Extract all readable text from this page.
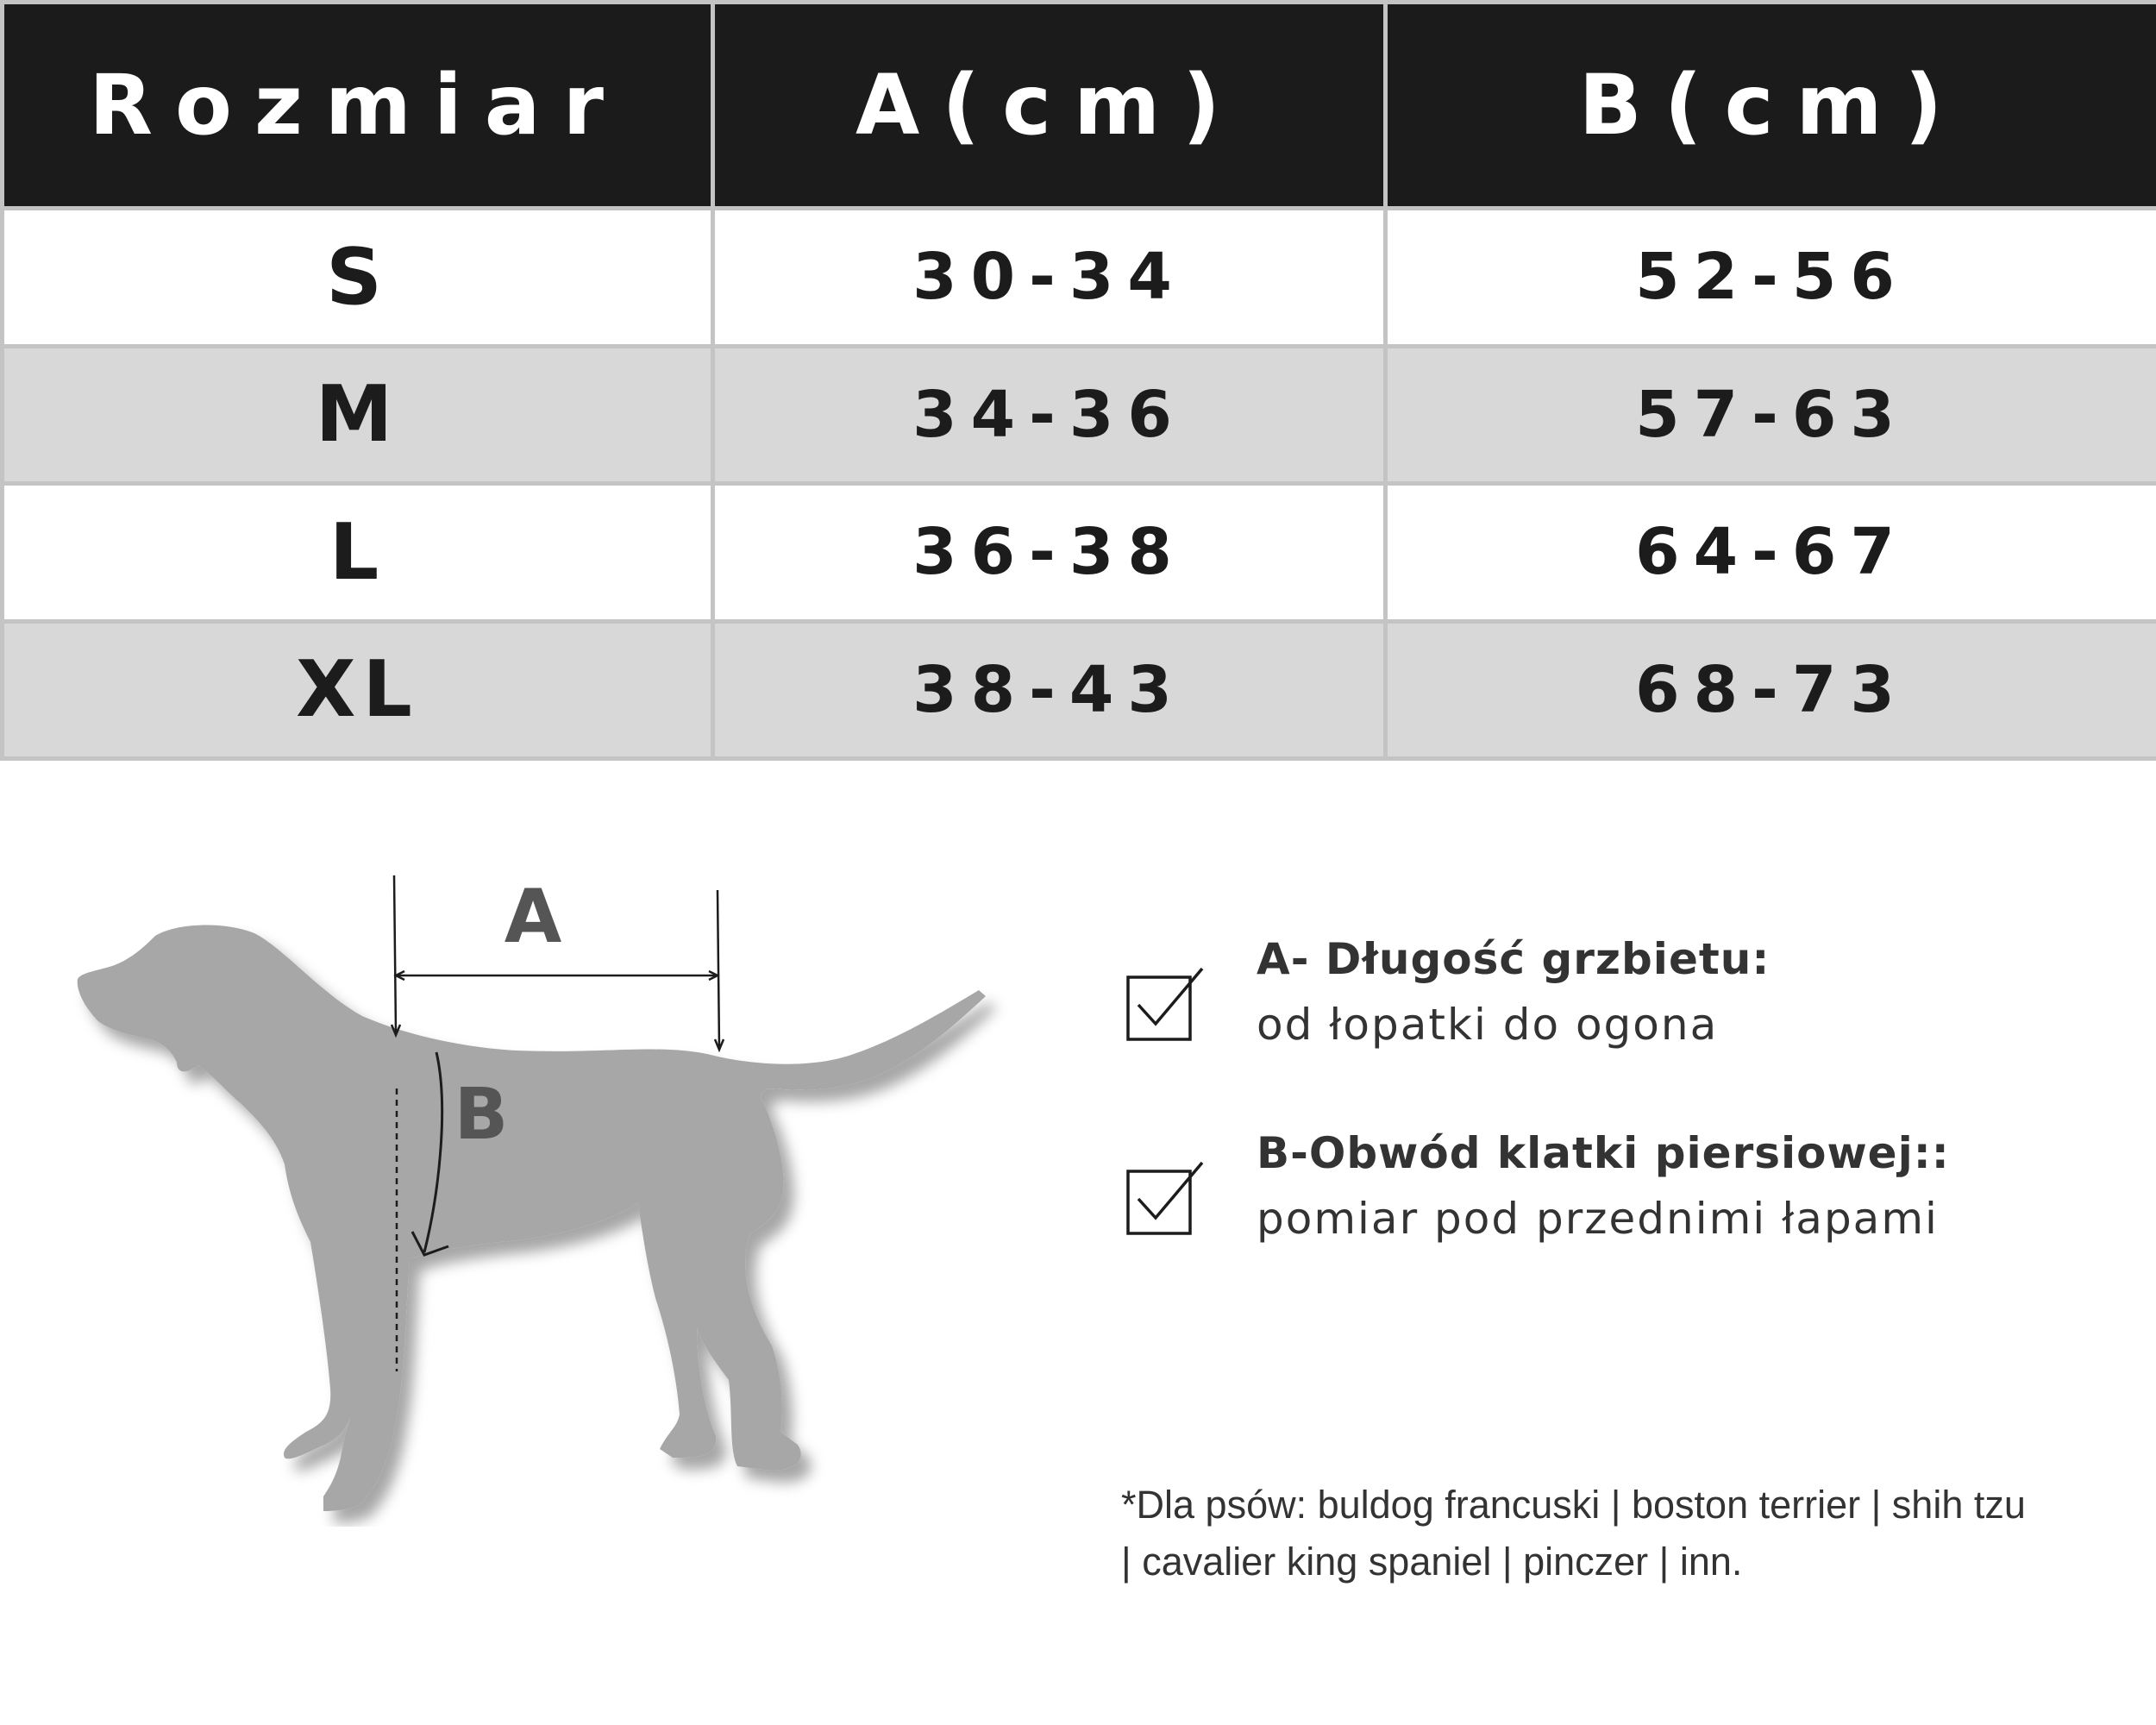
Rozmiar	A(cm)	B(cm)
S	30-34	52-56
M	34-36	57-63
L	36-38	64-67
XL	38-43	68-73
A
B
A- Długość grzbietu:
od łopatki do ogona
B-Obwód klatki piersiowej::
pomiar pod przednimi łapami
*Dla psów: buldog francuski | boston terrier | shih tzu | cavalier king spaniel | pinczer | inn.
